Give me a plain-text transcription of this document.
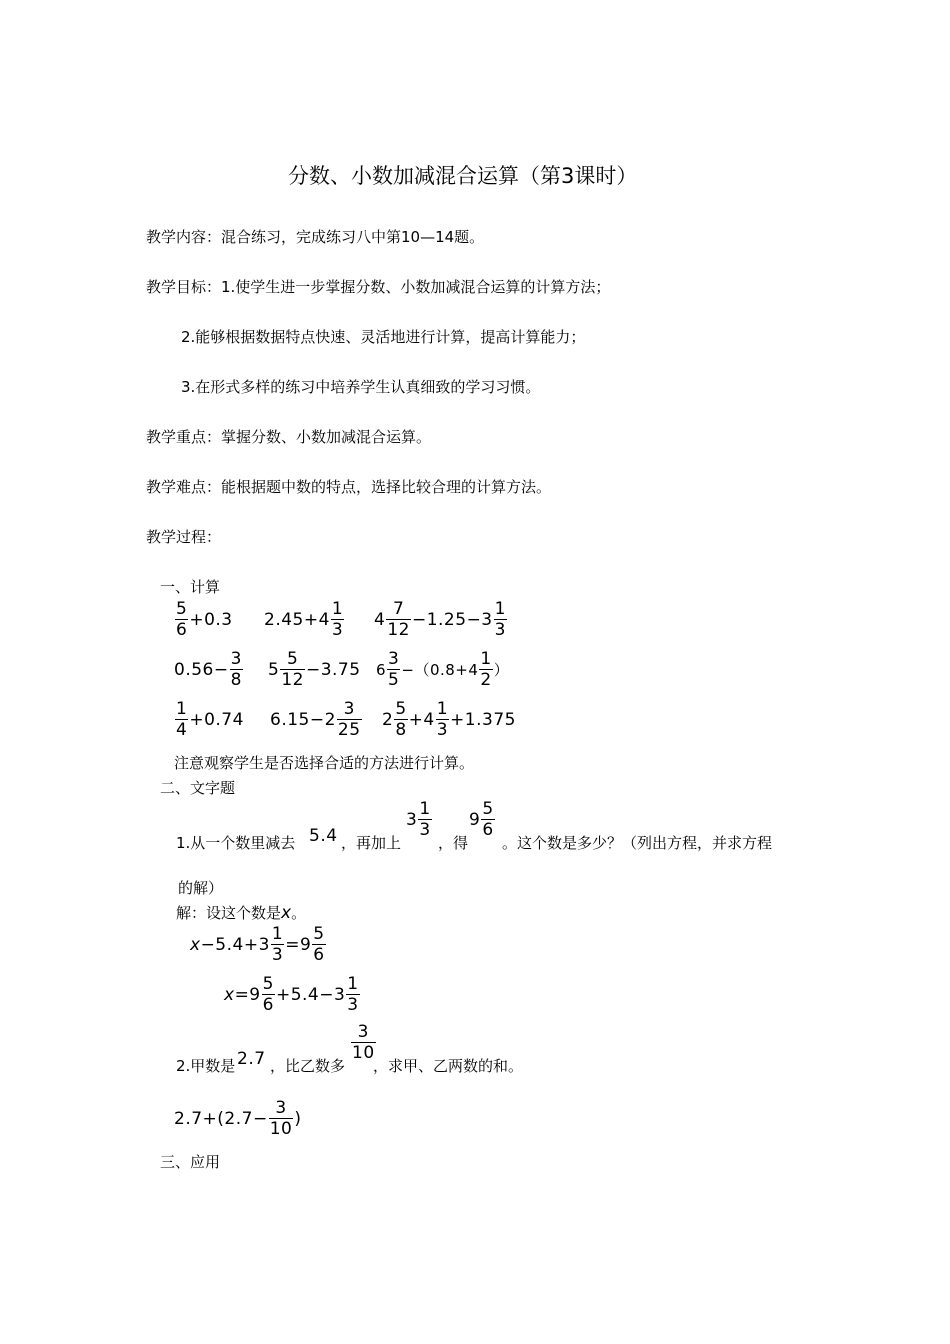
分数、小数加减混合运算（第3课时）
教学内容：混合练习，完成练习八中第10—14题。
教学目标：1.使学生进一步掌握分数、小数加减混合运算的计算方法；
2.能够根据数据特点快速、灵活地进行计算，提高计算能力；
3.在形式多样的练习中培养学生认真细致的学习习惯。
教学重点：掌握分数、小数加减混合运算。
教学难点：能根据题中数的特点，选择比较合理的计算方法。
教学过程：
一、计算
$\frac{5}{6} +0.3$ $2.45+4 \frac{1}{3} 4 \frac{7}{12} -1.25-3 \frac{1}{3}$
$0.56- \frac{3}{8} 5 \frac{5}{12} -3.75$ $6 \frac{3}{5} -(0.8+4 \frac{1}{2}$ ）
$\frac{1}{4} +0.74$ $6.15-2 \frac{3}{25} 2 \frac{5}{8} +4 \frac{1}{3} +1.375$
注意观察学生是否选择合适的方法进行计算。
二、文字题
1.从一个数里减去 5.4 ，再加上
$3 \frac{1}{3}$
，得
$9 \frac{5}{6}$
。这个数是多少？（列出方程，并求方程
的解）
解：设这个数是x。
$x-5.4+3 \frac{1}{3} =9 \frac{5}{6}$
$x=9 \frac{5}{6} +5.4-3 \frac{1}{3}$
2.甲数是 2.7 ，比乙数多
$\frac{3}{10}$
，求甲、乙两数的和。
$2.7+(2.7- \frac{3}{10}$ )
三、应用
